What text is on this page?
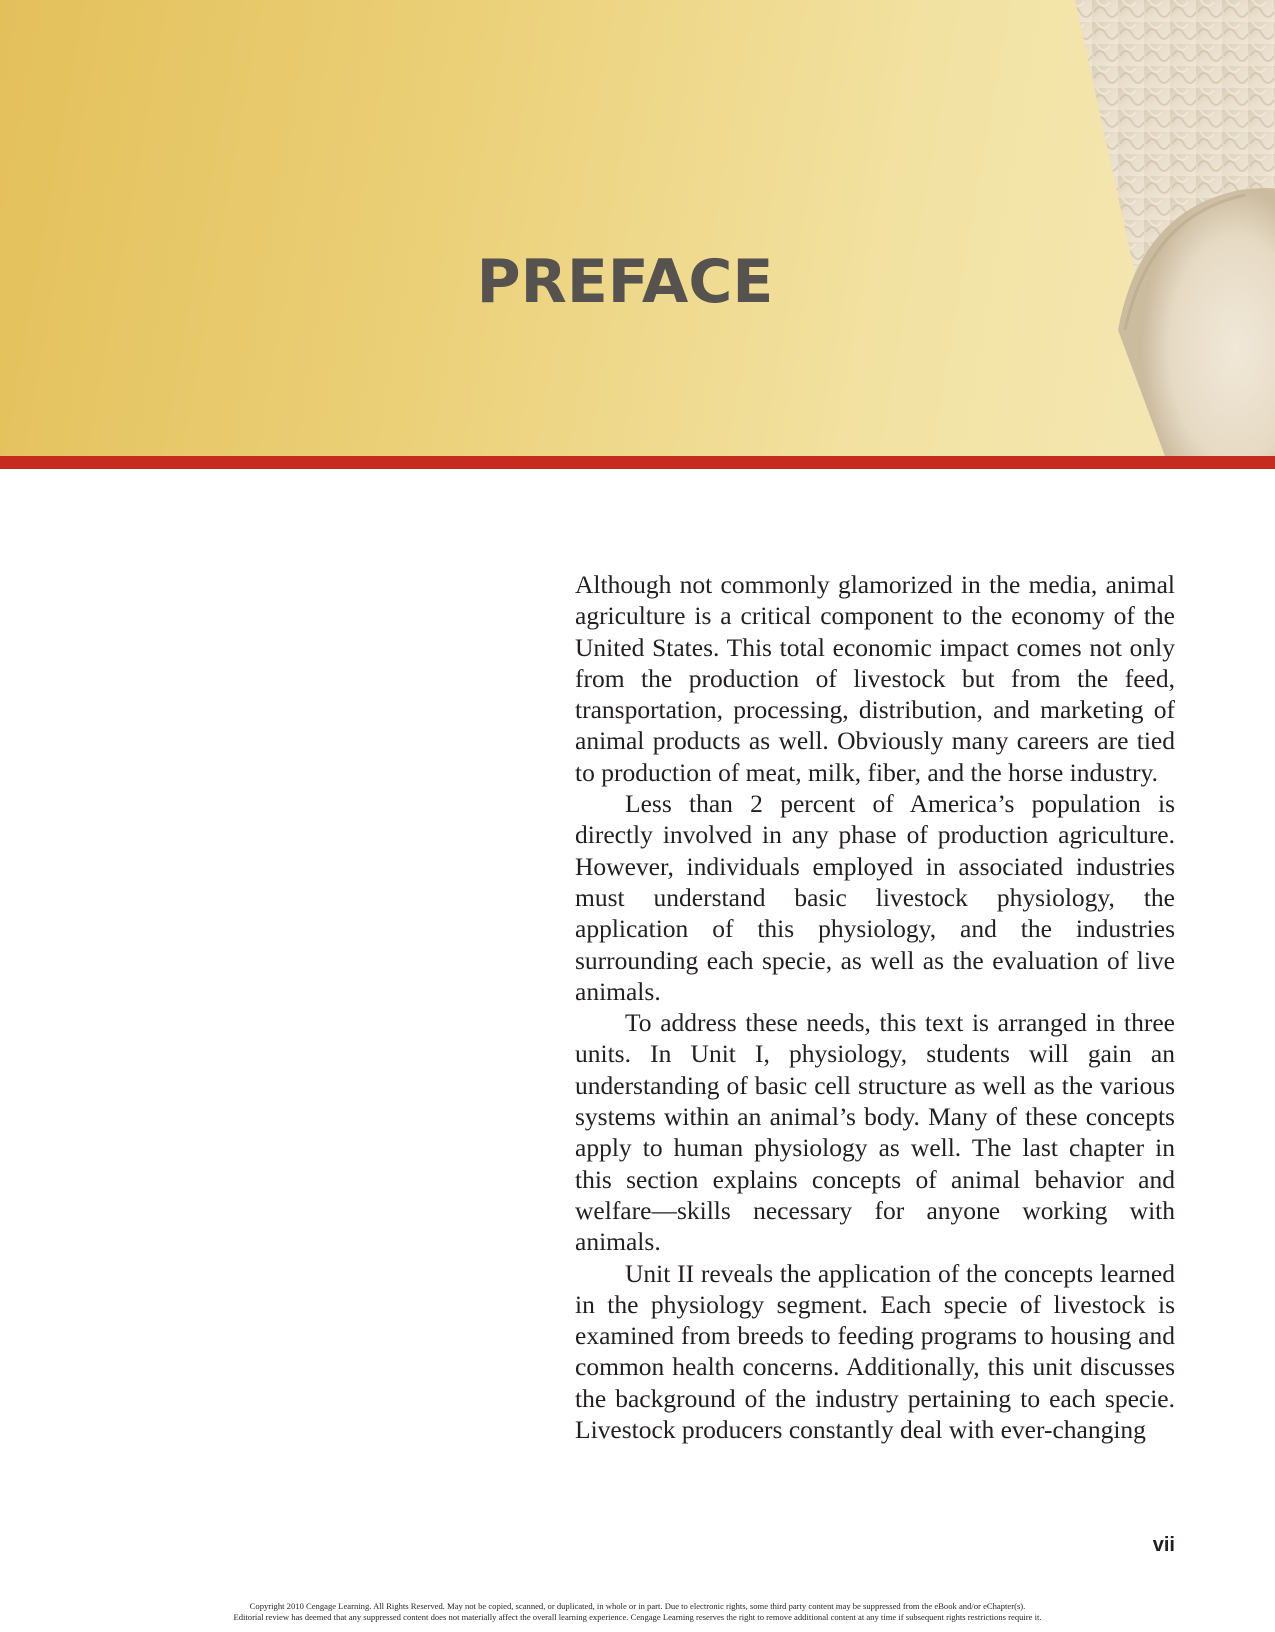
PREFACE

Although not commonly glamorized in the media, animal agriculture is a critical component to the economy of the United States. This total economic impact comes not only from the production of livestock but from the feed, transportation, processing, distribution, and marketing of animal products as well. Obviously many careers are tied to production of meat, milk, fiber, and the horse industry.

Less than 2 percent of America’s population is directly involved in any phase of production agriculture. However, individuals employed in associated industries must understand basic livestock physiology, the application of this physiology, and the industries surrounding each specie, as well as the evaluation of live animals.

To address these needs, this text is arranged in three units. In Unit I, physiology, students will gain an understanding of basic cell structure as well as the various systems within an animal’s body. Many of these concepts apply to human physiology as well. The last chapter in this section explains concepts of animal behavior and welfare—skills necessary for anyone working with animals.

Unit II reveals the application of the concepts learned in the physiology segment. Each specie of livestock is examined from breeds to feeding programs to housing and common health concerns. Additionally, this unit discusses the background of the industry pertaining to each specie. Livestock producers constantly deal with ever-changing

vii
Copyright 2010 Cengage Learning. All Rights Reserved. May not be copied, scanned, or duplicated, in whole or in part. Due to electronic rights, some third party content may be suppressed from the eBook and/or eChapter(s).
Editorial review has deemed that any suppressed content does not materially affect the overall learning experience. Cengage Learning reserves the right to remove additional content at any time if subsequent rights restrictions require it.
